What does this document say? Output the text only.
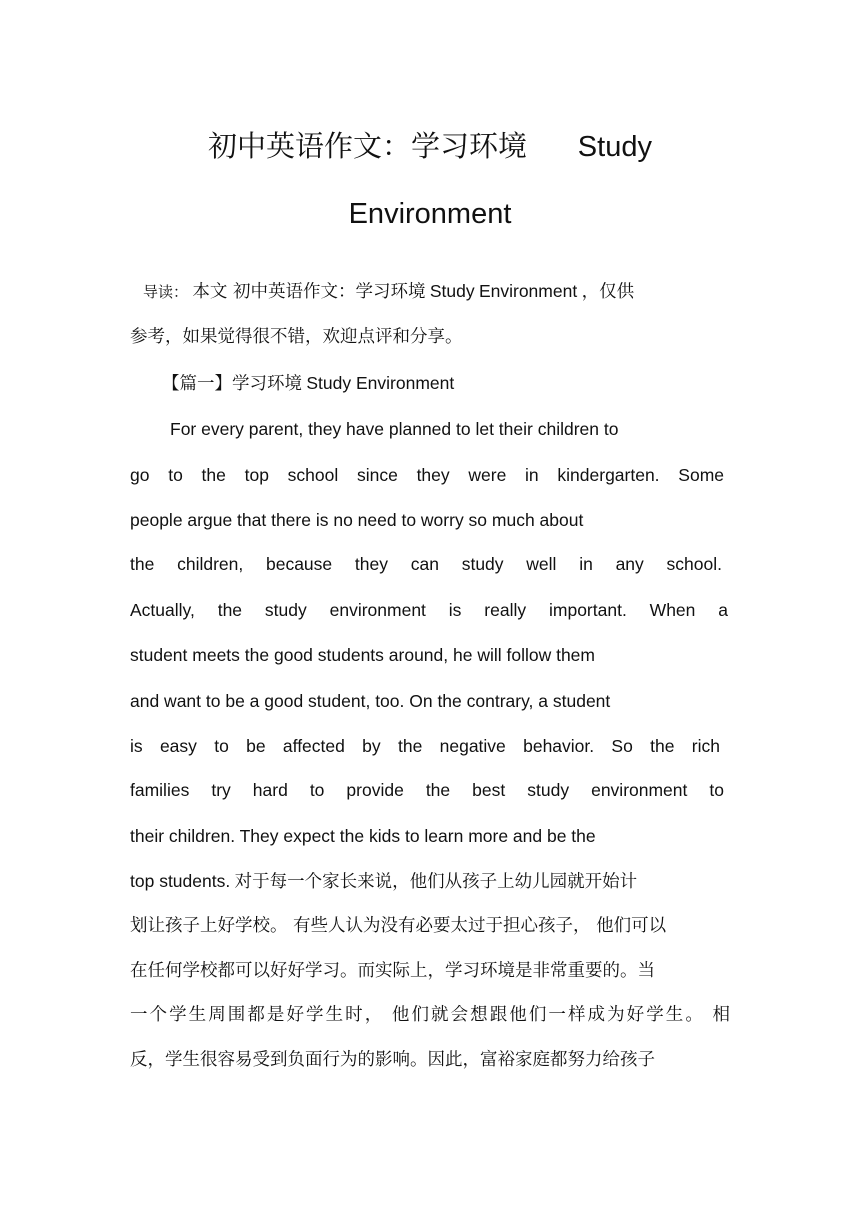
初中英语作文：学习环境 Study
Environment
导读： 本文 初中英语作文：学习环境 Study Environment ，仅供
参考，如果觉得很不错，欢迎点评和分享。
【篇一】学习环境 Study Environment
For every parent, they have planned to let their children to
go to the top school since they were in kindergarten. Some
people argue that there is no need to worry so much about
the children, because they can study well in any school.
Actually, the study environment is really important. When a
student meets the good students around, he will follow them
and want to be a good student, too. On the contrary, a student
is easy to be affected by the negative behavior. So the rich
families try hard to provide the best study environment to
their children. They expect the kids to learn more and be the
top students. 对于每一个家长来说，他们从孩子上幼儿园就开始计
划让孩子上好学校。 有些人认为没有必要太过于担心孩子， 他们可以
在任何学校都可以好好学习。而实际上，学习环境是非常重要的。当
一个学生周围都是好学生时， 他们就会想跟他们一样成为好学生。 相
反，学生很容易受到负面行为的影响。因此，富裕家庭都努力给孩子
